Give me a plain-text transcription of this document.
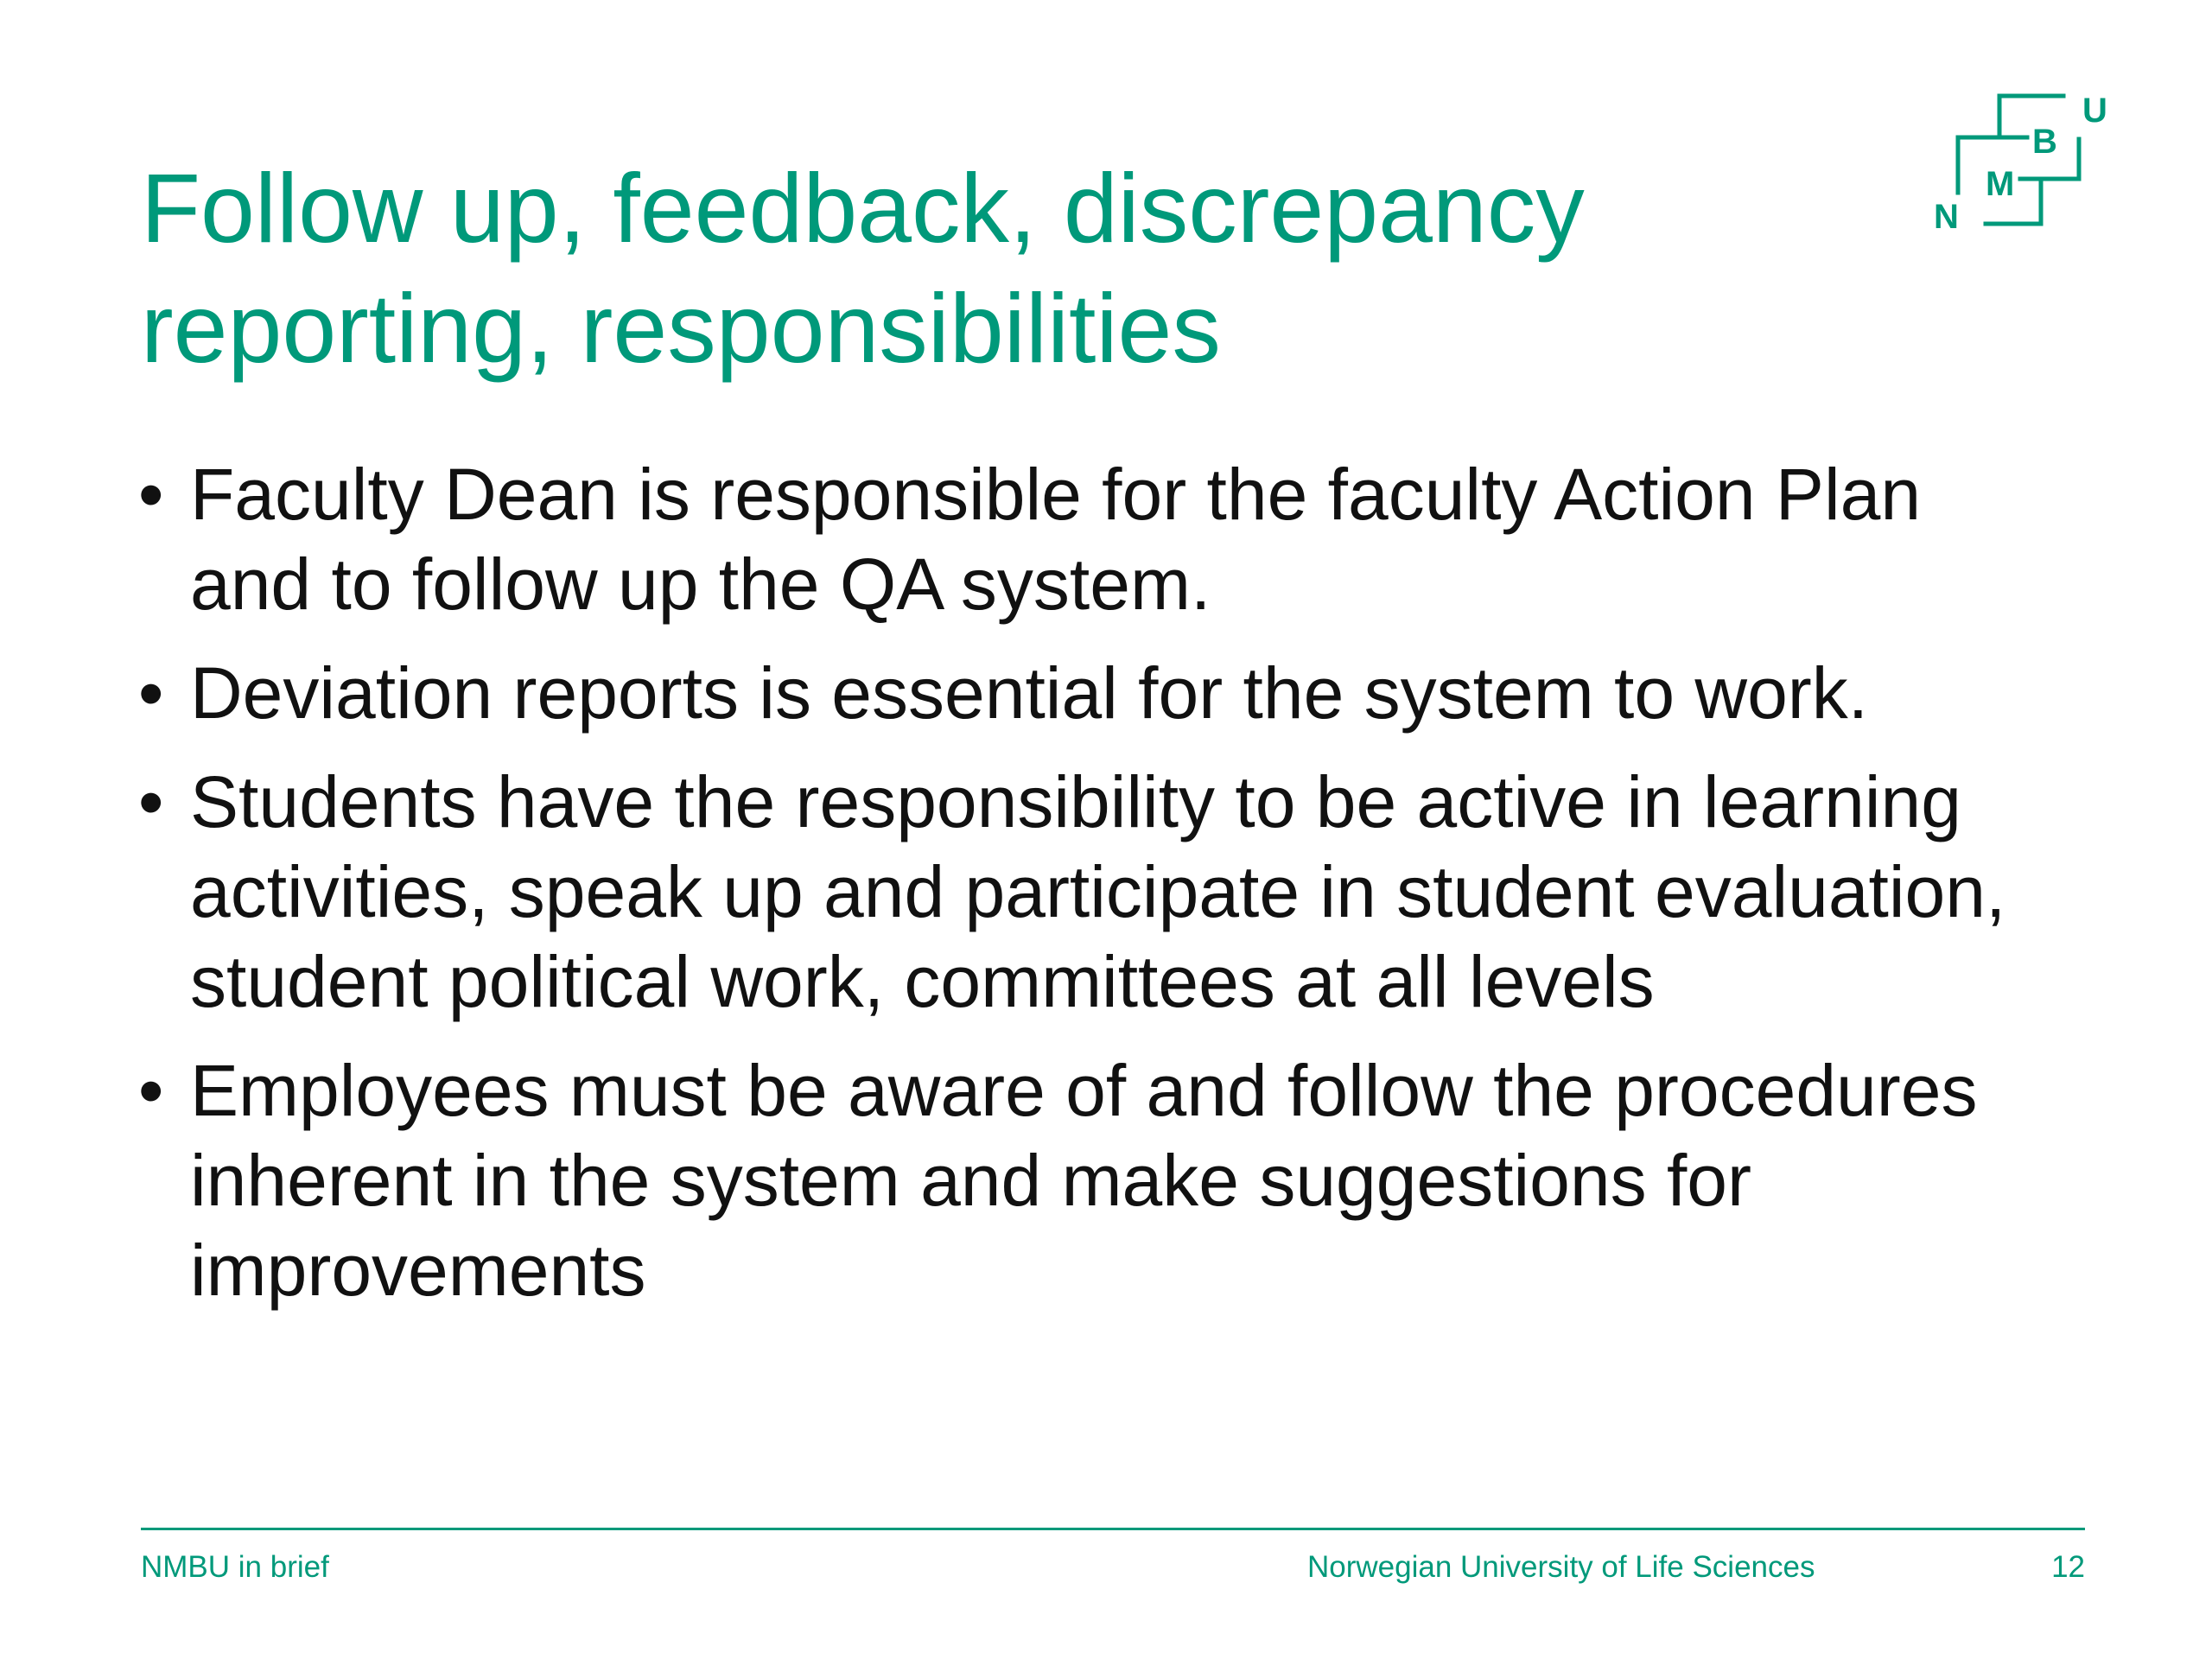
Follow up, feedback, discrepancy
reporting, responsibilities
N
M
B
U
• Faculty Dean is responsible for the faculty Action Plan
and to follow up the QA system.
• Deviation reports is essential for the system to work.
• Students have the responsibility to be active in learning
activities, speak up and participate in student evaluation,
student political work, committees at all levels
• Employees must be aware of and follow the procedures
inherent in the system and make suggestions for
improvements
NMBU in brief	Norwegian University of Life Sciences	12
